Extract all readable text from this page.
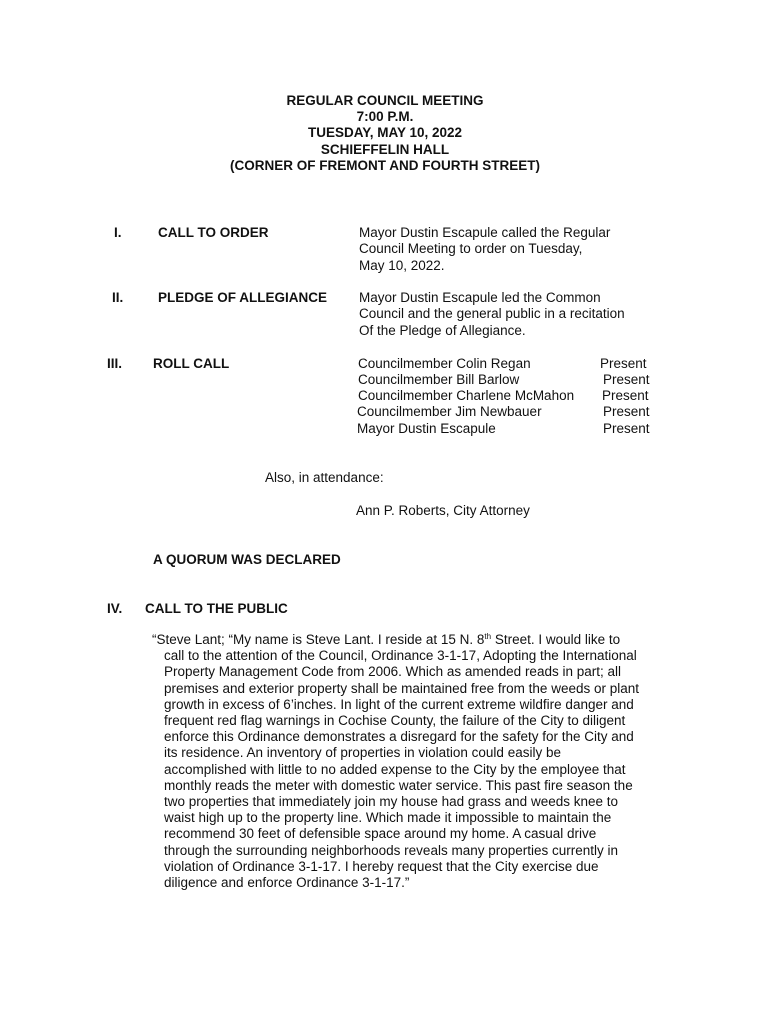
REGULAR COUNCIL MEETING
7:00 P.M.
TUESDAY, MAY 10, 2022
SCHIEFFELIN HALL
(CORNER OF FREMONT AND FOURTH STREET)
I.	CALL TO ORDER	Mayor Dustin Escapule called the Regular
Council Meeting to order on Tuesday,
May 10, 2022.
II.	PLEDGE OF ALLEGIANCE Mayor Dustin Escapule led the Common
Council and the general public in a recitation
Of the Pledge of Allegiance.
III. ROLL CALL	Councilmember Colin Regan	Present
Councilmember Bill Barlow	Present
Councilmember Charlene McMahon Present
Councilmember Jim Newbauer	Present
Mayor Dustin Escapule	Present
Also, in attendance:
Ann P. Roberts, City Attorney
A QUORUM WAS DECLARED
IV. CALL TO THE PUBLIC
“Steve Lant; “My name is Steve Lant. I reside at 15 N. 8th Street. I would like to
call to the attention of the Council, Ordinance 3-1-17, Adopting the International
Property Management Code from 2006. Which as amended reads in part; all
premises and exterior property shall be maintained free from the weeds or plant
growth in excess of 6’inches. In light of the current extreme wildfire danger and
frequent red flag warnings in Cochise County, the failure of the City to diligent
enforce this Ordinance demonstrates a disregard for the safety for the City and
its residence. An inventory of properties in violation could easily be
accomplished with little to no added expense to the City by the employee that
monthly reads the meter with domestic water service. This past fire season the
two properties that immediately join my house had grass and weeds knee to
waist high up to the property line. Which made it impossible to maintain the
recommend 30 feet of defensible space around my home. A casual drive
through the surrounding neighborhoods reveals many properties currently in
violation of Ordinance 3-1-17. I hereby request that the City exercise due
diligence and enforce Ordinance 3-1-17.”
